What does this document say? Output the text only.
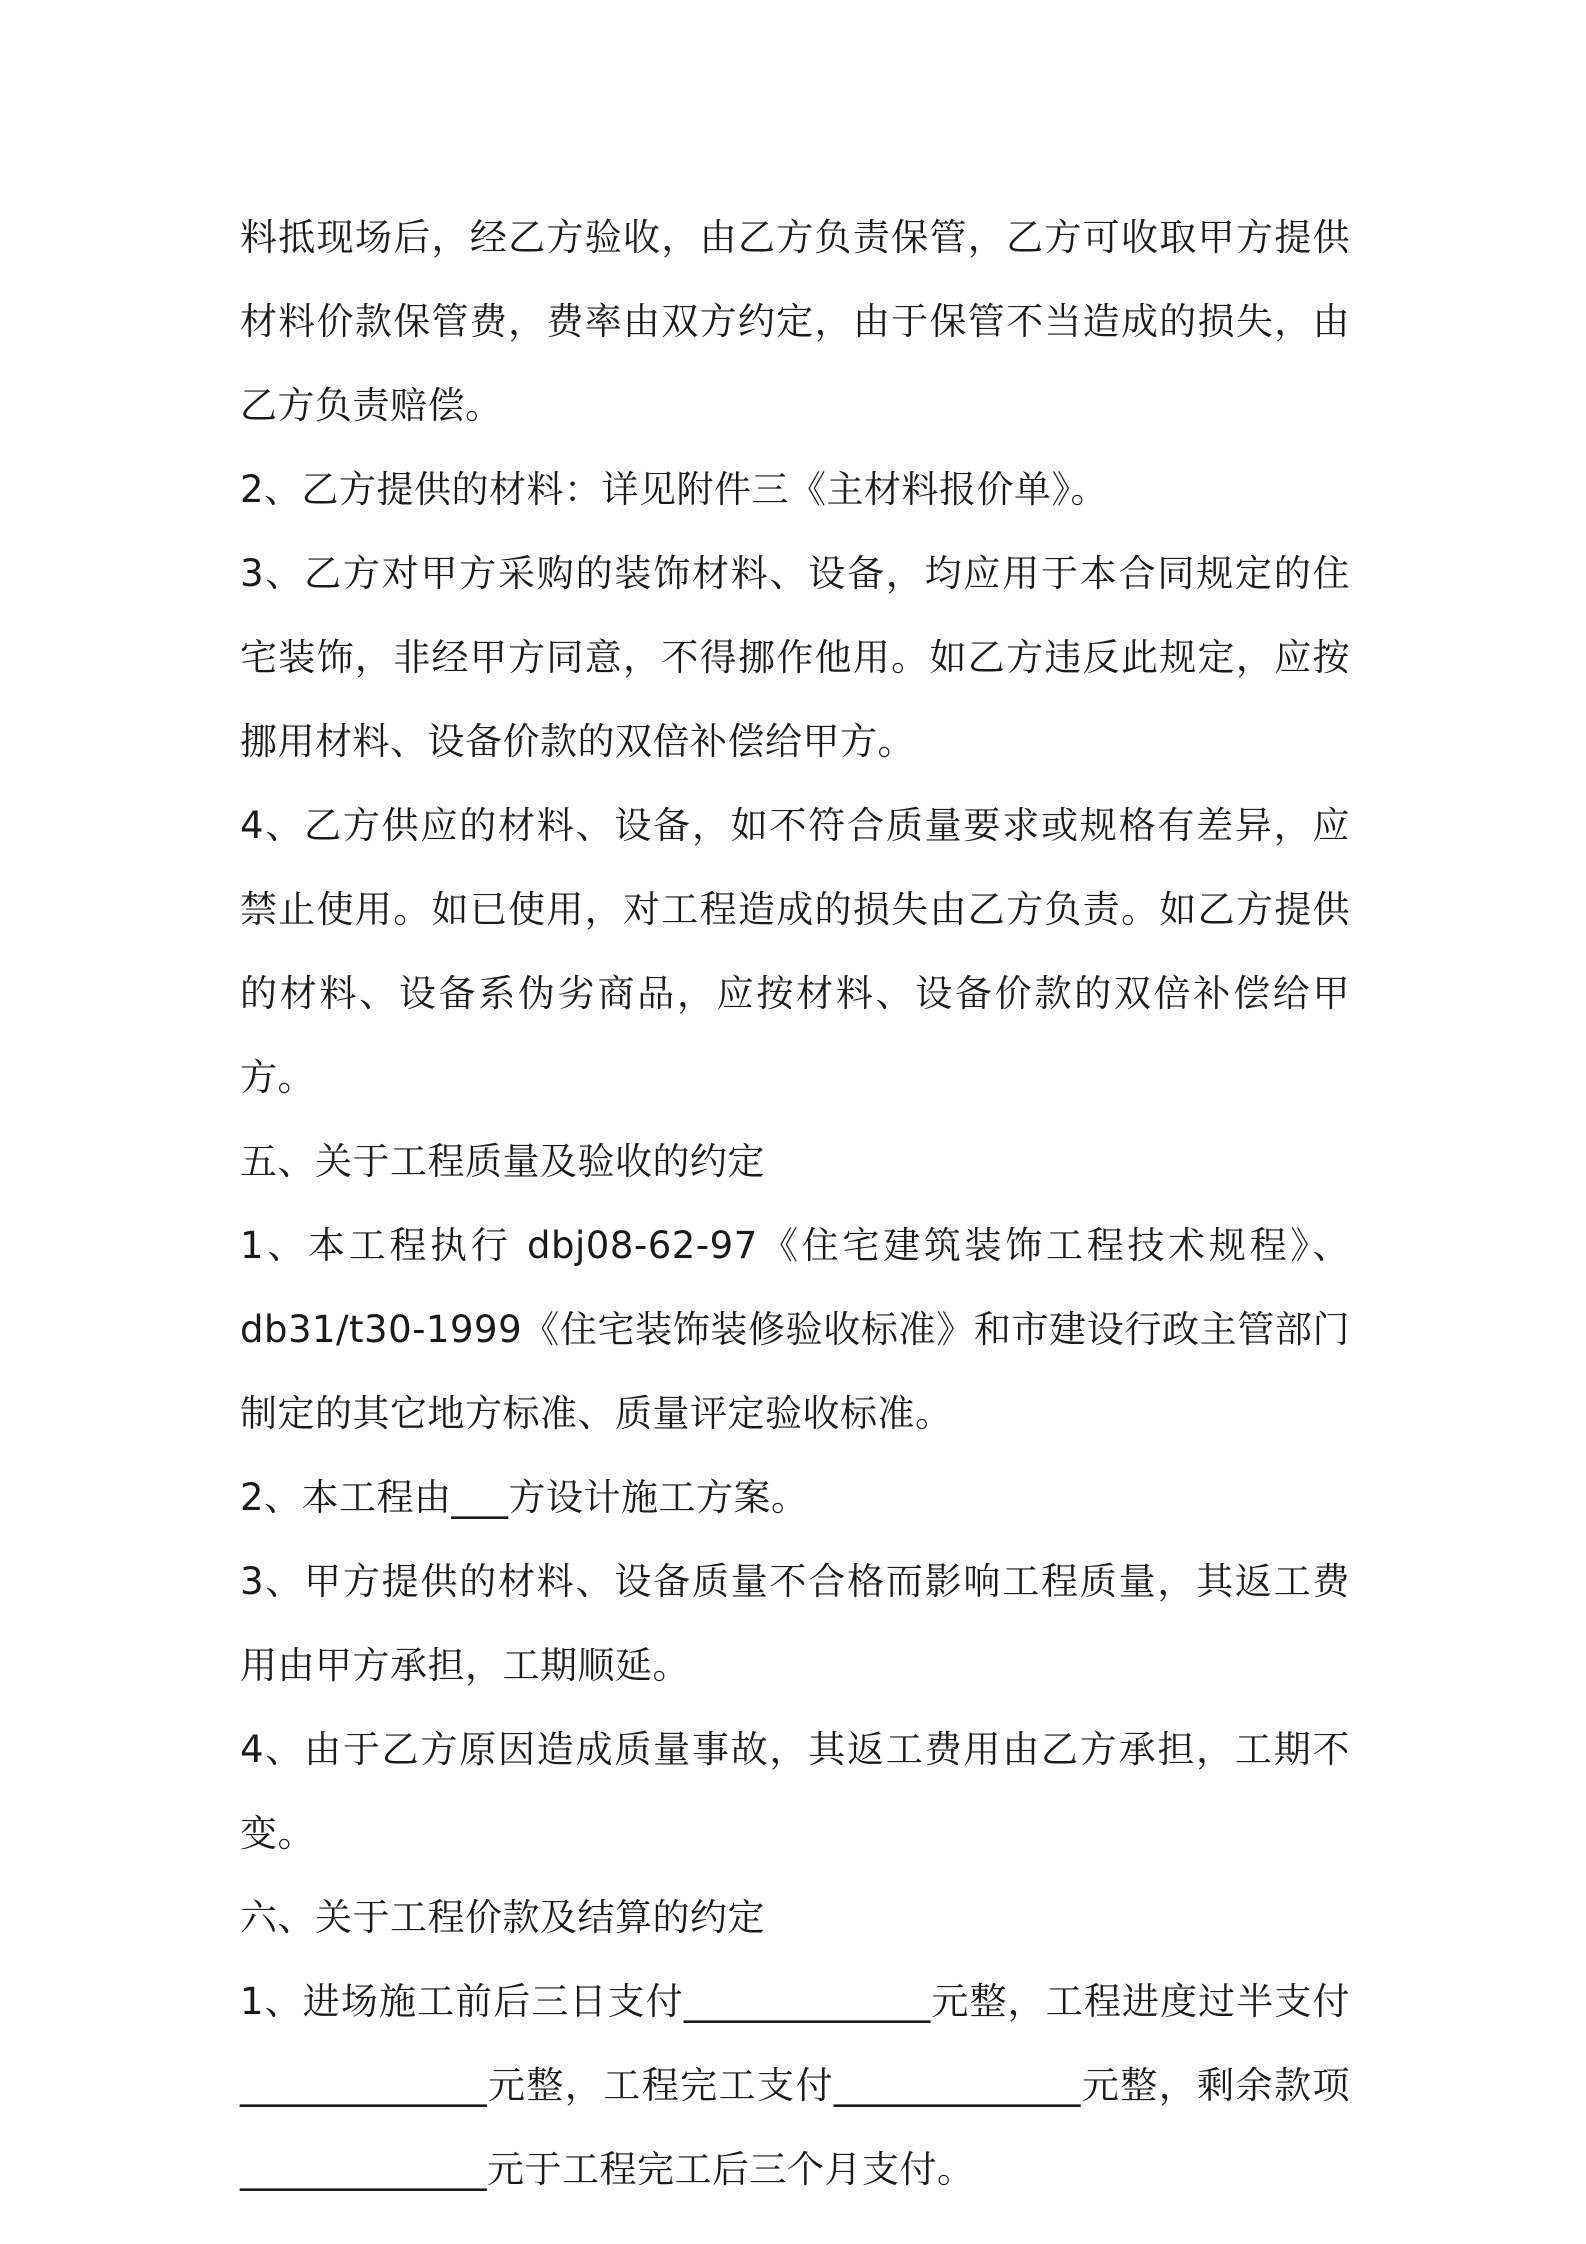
料抵现场后，经乙方验收，由乙方负责保管，乙方可收取甲方提供材料价款保管费，费率由双方约定，由于保管不当造成的损失，由乙方负责赔偿。

2、乙方提供的材料：详见附件三《主材料报价单》。

3、乙方对甲方采购的装饰材料、设备，均应用于本合同规定的住宅装饰，非经甲方同意，不得挪作他用。如乙方违反此规定，应按挪用材料、设备价款的双倍补偿给甲方。

4、乙方供应的材料、设备，如不符合质量要求或规格有差异，应禁止使用。如已使用，对工程造成的损失由乙方负责。如乙方提供的材料、设备系伪劣商品，应按材料、设备价款的双倍补偿给甲方。

五、关于工程质量及验收的约定

1、本工程执行 dbj08-62-97《住宅建筑装饰工程技术规程》、db31/t30-1999《住宅装饰装修验收标准》和市建设行政主管部门制定的其它地方标准、质量评定验收标准。

2、本工程由___方设计施工方案。

3、甲方提供的材料、设备质量不合格而影响工程质量，其返工费用由甲方承担，工期顺延。

4、由于乙方原因造成质量事故，其返工费用由乙方承担，工期不变。

六、关于工程价款及结算的约定

1、进场施工前后三日支付_____________元整，工程进度过半支付_____________元整，工程完工支付_____________元整，剩余款项_____________元于工程完工后三个月支付。
